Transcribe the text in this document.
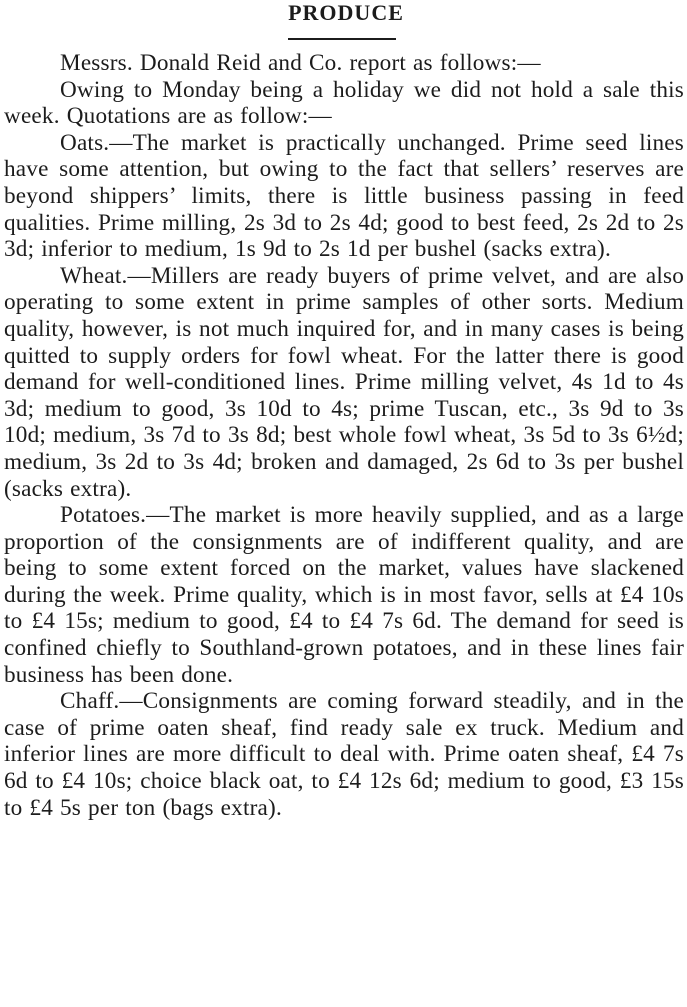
PRODUCE

Messrs. Donald Reid and Co. report as follows:—

Owing to Monday being a holiday we did not hold a sale this week. Quotations are as follow:—

Oats.—The market is practically unchanged. Prime seed lines have some attention, but owing to the fact that sellers’ reserves are beyond shippers’ limits, there is little business passing in feed qualities. Prime milling, 2s 3d to 2s 4d; good to best feed, 2s 2d to 2s 3d; inferior to medium, 1s 9d to 2s 1d per bushel (sacks extra).

Wheat.—Millers are ready buyers of prime velvet, and are also operating to some extent in prime samples of other sorts. Medium quality, however, is not much inquired for, and in many cases is being quitted to supply orders for fowl wheat. For the latter there is good demand for well-conditioned lines. Prime milling velvet, 4s 1d to 4s 3d; medium to good, 3s 10d to 4s; prime Tuscan, etc., 3s 9d to 3s 10d; medium, 3s 7d to 3s 8d; best whole fowl wheat, 3s 5d to 3s 6½d; medium, 3s 2d to 3s 4d; broken and damaged, 2s 6d to 3s per bushel (sacks extra).

Potatoes.—The market is more heavily supplied, and as a large proportion of the consignments are of indifferent quality, and are being to some extent forced on the market, values have slackened during the week. Prime quality, which is in most favor, sells at £4 10s to £4 15s; medium to good, £4 to £4 7s 6d. The demand for seed is confined chiefly to Southland-grown potatoes, and in these lines fair business has been done.

Chaff.—Consignments are coming forward steadily, and in the case of prime oaten sheaf, find ready sale ex truck. Medium and inferior lines are more difficult to deal with. Prime oaten sheaf, £4 7s 6d to £4 10s; choice black oat, to £4 12s 6d; medium to good, £3 15s to £4 5s per ton (bags extra).
